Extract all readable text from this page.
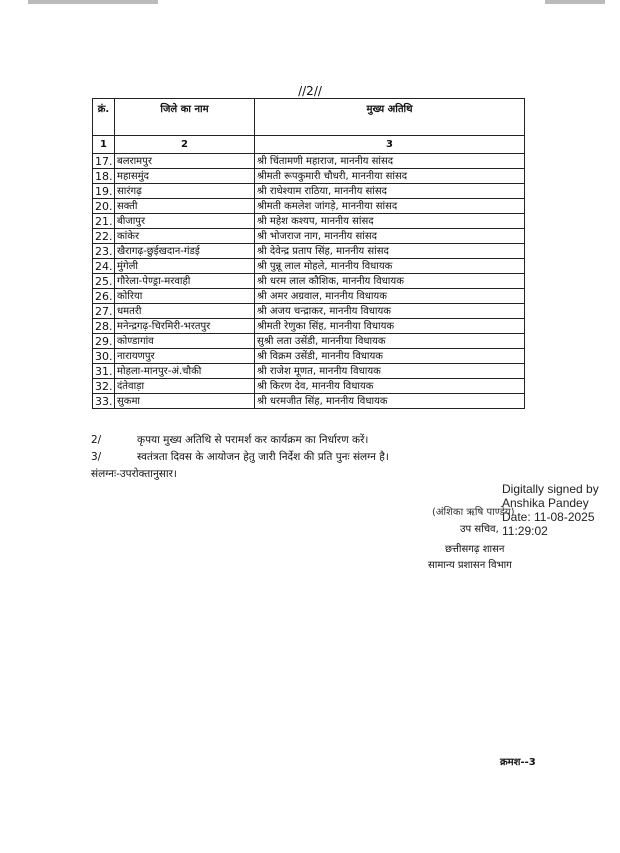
//2//
क्रं.	जिले का नाम	मुख्य अतिथि
1	2	3
17.	बलरामपुर	श्री चिंतामणी महाराज, माननीय सांसद
18.	महासमुंद	श्रीमती रूपकुमारी चौधरी, माननीया सांसद
19.	सारंगढ़	श्री राधेश्याम राठिया, माननीय सांसद
20.	सक्ती	श्रीमती कमलेश जांगड़े, माननीया सांसद
21.	बीजापुर	श्री महेश कश्यप, माननीय सांसद
22.	कांकेर	श्री भोजराज नाग, माननीय सांसद
23.	खैरागढ़-छुईखदान-गंडई	श्री देवेन्द्र प्रताप सिंह, माननीय सांसद
24.	मुंगेली	श्री पुन्नू लाल मोहले, माननीय विधायक
25.	गौरेला-पेण्ड्रा-मरवाही	श्री धरम लाल कौशिक, माननीय विधायक
26.	कोरिया	श्री अमर अग्रवाल, माननीय विधायक
27.	धमतरी	श्री अजय चन्द्राकर, माननीय विधायक
28.	मनेन्द्रगढ़-चिरमिरी-भरतपुर	श्रीमती रेणुका सिंह, माननीया विधायक
29.	कोण्डागांव	सुश्री लता उसेंडी, माननीया विधायक
30.	नारायणपुर	श्री विक्रम उसेंडी, माननीय विधायक
31.	मोहला-मानपुर-अं.चौकी	श्री राजेश मूणत, माननीय विधायक
32.	दंतेवाड़ा	श्री किरण देव, माननीय विधायक
33.	सुकमा	श्री धरमजीत सिंह, माननीय विधायक
2/	कृपया मुख्य अतिथि से परामर्श कर कार्यक्रम का निर्धारण करें।
3/	स्वतंत्रता दिवस के आयोजन हेतु जारी निर्देश की प्रति पुनः संलग्न है।
संलग्नः-उपरोक्तानुसार।
Digitally signed by
Anshika Pandey
Date: 11-08-2025
11:29:02
(अंशिका ऋषि पाण्डेय)
उप सचिव,
छत्तीसगढ़ शासन
सामान्य प्रशासन विभाग
क्रमश--3
